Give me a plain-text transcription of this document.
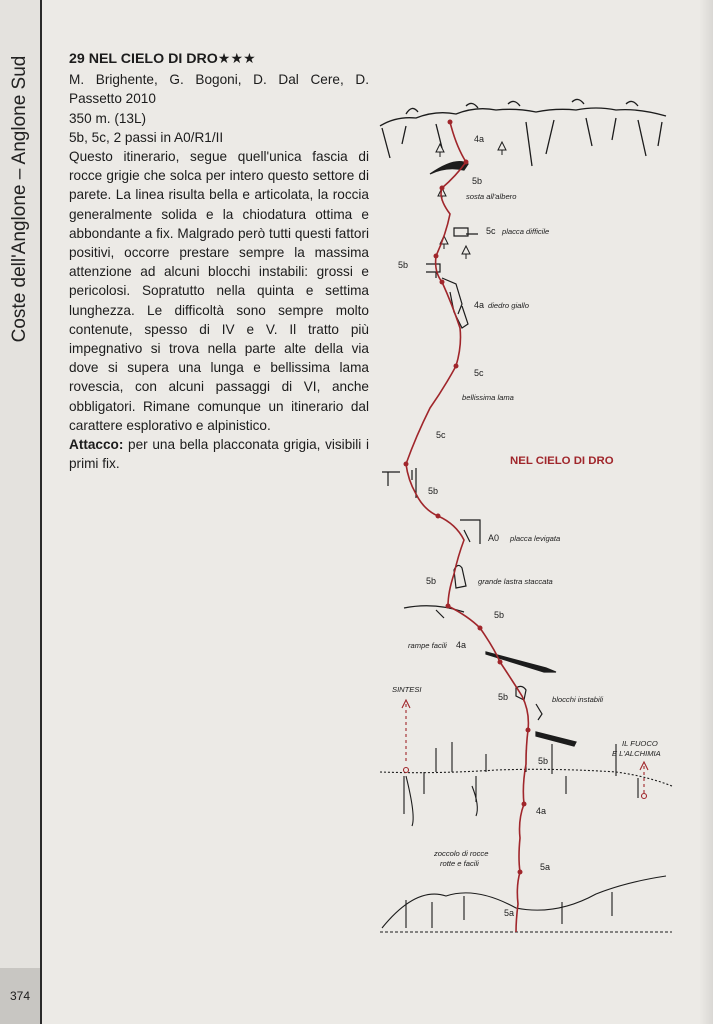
Coste dell'Anglone – Anglone Sud
374
29 NEL CIELO DI DRO★★★

M. Brighente, G. Bogoni, D. Dal Cere, D. Passetto 2010

350 m. (13L)

5b, 5c, 2 passi in A0/R1/II

Questo itinerario, segue quell'unica fascia di rocce grigie che solca per intero questo settore di parete. La linea risulta bella e articolata, la roccia generalmente solida e la chiodatura ottima e abbondante a fix. Malgrado però tutti questi fattori positivi, occorre prestare sempre la massima attenzione ad alcuni blocchi instabili: grossi e pericolosi. Sopratutto nella quinta e settima lunghezza. Le difficoltà sono sempre molto contenute, spesso di IV e V. Il tratto più impegnativo si trova nella parte alte della via dove si supera una lunga e bellissima lama rovescia, con alcuni passaggi di VI, anche obbligatori. Rimane comunque un itinerario dal carattere esplorativo e alpinistico.

Attacco: per una bella placconata grigia, visibili i primi fix.

4a
5b
5c
5b
4a
5c
5c
5b
A0
5b
5b
4a
5b
5b
4a
5a
5a
sosta all'albero
placca difficile
diedro giallo
bellissima lama
placca levigata
grande lastra staccata
rampe facili
blocchi instabili
SINTESI
IL FUOCO
E L'ALCHIMIA
zoccolo di rocce
rotte e facili
NEL CIELO DI DRO
